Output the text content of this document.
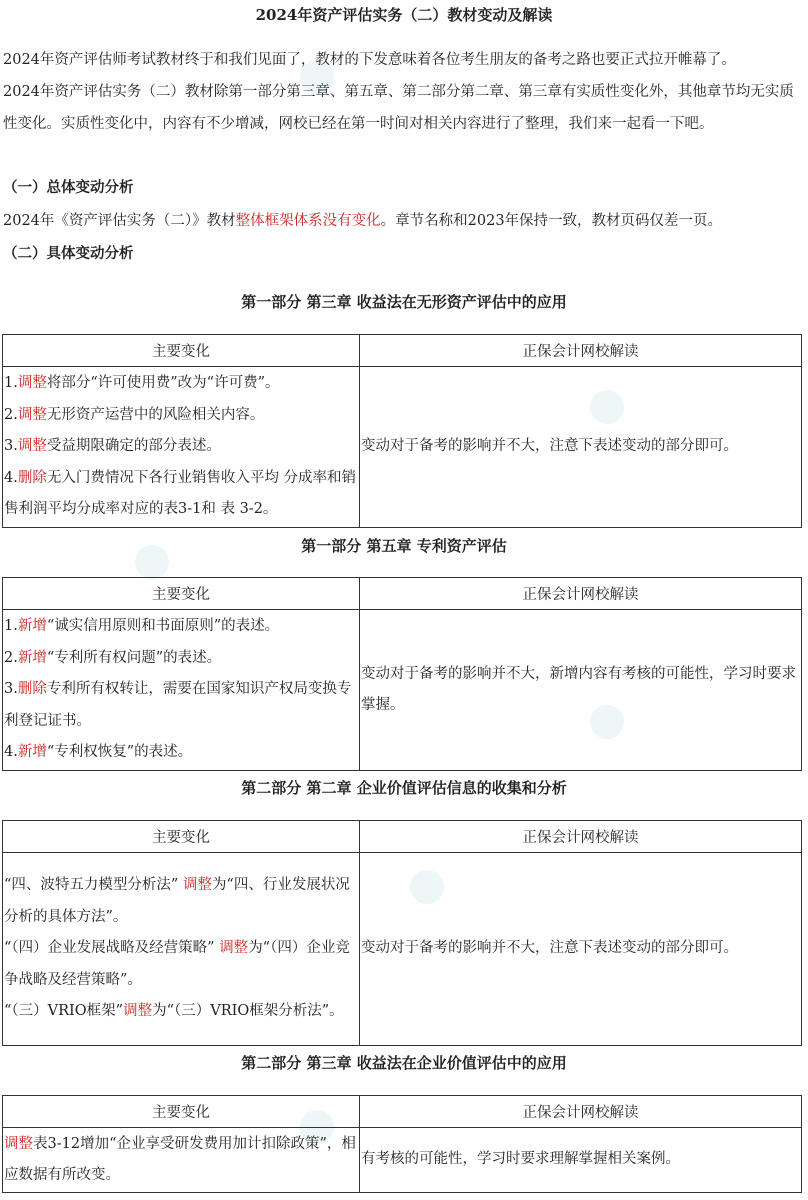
2024年资产评估实务（二）教材变动及解读
2024年资产评估师考试教材终于和我们见面了，教材的下发意味着各位考生朋友的备考之路也要正式拉开帷幕了。
2024年资产评估实务（二）教材除第一部分第三章、第五章、第二部分第二章、第三章有实质性变化外，其他章节均无实质性变化。实质性变化中，内容有不少增减，网校已经在第一时间对相关内容进行了整理，我们来一起看一下吧。
（一）总体变动分析
2024年《资产评估实务（二）》教材整体框架体系没有变化。章节名称和2023年保持一致，教材页码仅差一页。
（二）具体变动分析
第一部分 第三章 收益法在无形资产评估中的应用
主要变化	正保会计网校解读

1.调整将部分“许可使用费”改为“许可费”。
2.调整无形资产运营中的风险相关内容。
3.调整受益期限确定的部分表述。
4.删除无入门费情况下各行业销售收入平均 分成率和销售利润平均分成率对应的表3-1和 表 3-2。	变动对于备考的影响并不大，注意下表述变动的部分即可。
第一部分 第五章 专利资产评估
主要变化	正保会计网校解读

1.新增“诚实信用原则和书面原则”的表述。
2.新增“专利所有权问题”的表述。
3.删除专利所有权转让，需要在国家知识产权局变换专利登记证书。
4.新增“专利权恢复”的表述。	变动对于备考的影响并不大，新增内容有考核的可能性，学习时要求掌握。
第二部分 第二章 企业价值评估信息的收集和分析
主要变化	正保会计网校解读

“四、波特五力模型分析法” 调整为“四、行业发展状况分析的具体方法”。
“（四）企业发展战略及经营策略” 调整为“（四）企业竞争战略及经营策略”。
“（三）VRIO框架”调整为“（三）VRIO框架分析法”。	变动对于备考的影响并不大，注意下表述变动的部分即可。
第二部分 第三章 收益法在企业价值评估中的应用
主要变化	正保会计网校解读

调整表3-12增加“企业享受研发费用加计扣除政策”，相应数据有所改变。	有考核的可能性，学习时要求理解掌握相关案例。
